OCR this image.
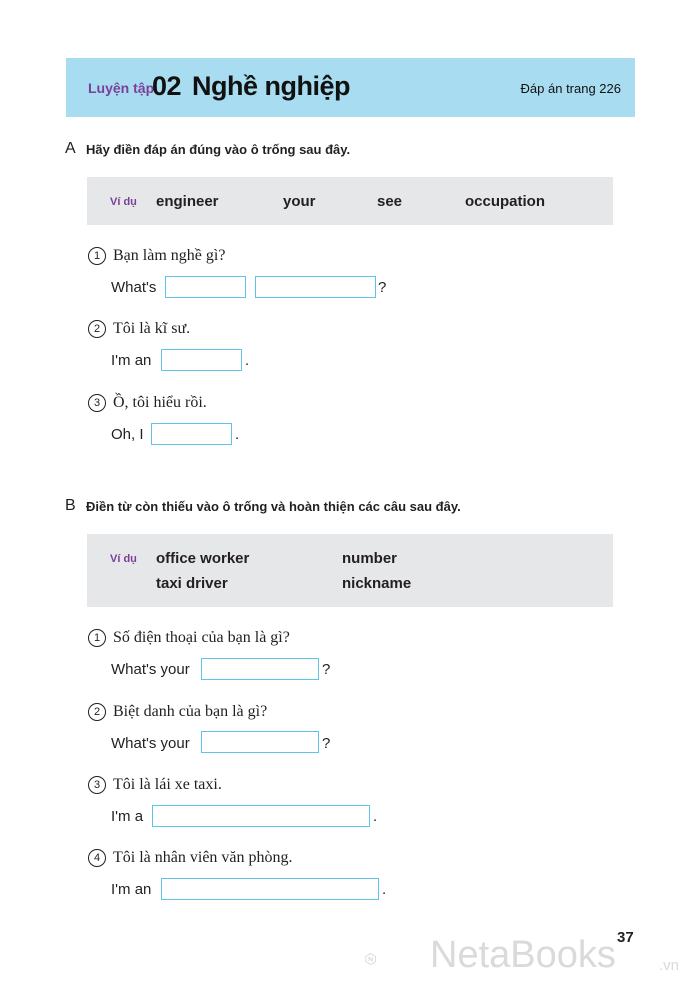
Luyện tập
02 Nghề nghiệp	Đáp án trang 226
A Hãy điền đáp án đúng vào ô trống sau đây.
Ví dụ engineer	your	see	occupation
1 Bạn làm nghề gì?
What's	?
2 Tôi là kĩ sư.
I'm an	.
3 Ồ, tôi hiểu rồi.
Oh, I	.
B Điền từ còn thiếu vào ô trống và hoàn thiện các câu sau đây.
Ví dụ office worker	number
taxi driver	nickname
1 Số điện thoại của bạn là gì?
What's your	?
2 Biệt danh của bạn là gì?
What's your	?
3 Tôi là lái xe taxi.
I'm a	.
4 Tôi là nhân viên văn phòng.
I'm an	.
37
NetaBooks	.vn
